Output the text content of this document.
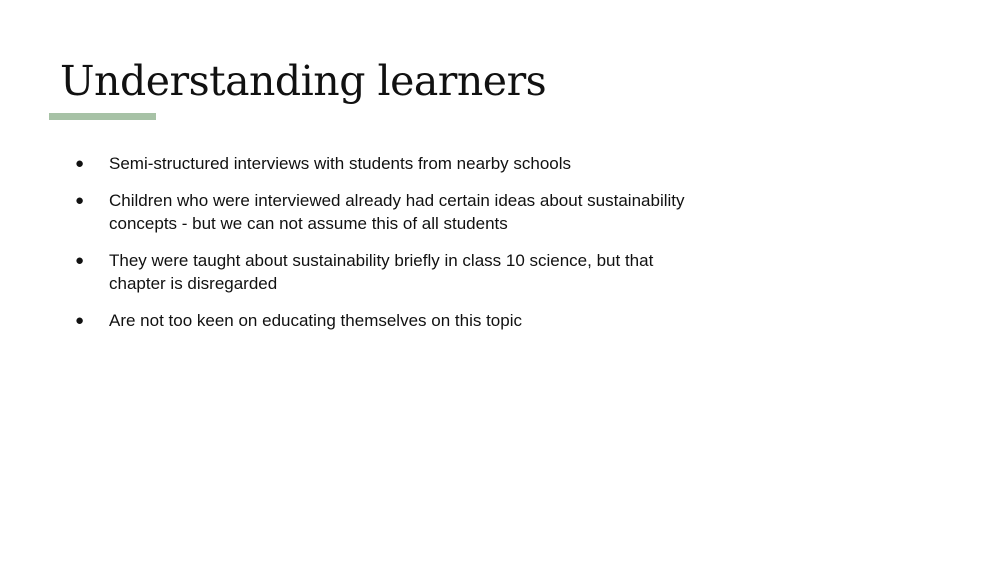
Understanding learners
●	Semi-structured interviews with students from nearby schools
●	Children who were interviewed already had certain ideas about sustainability concepts - but we can not assume this of all students
●	They were taught about sustainability briefly in class 10 science, but that chapter is disregarded
●	Are not too keen on educating themselves on this topic
